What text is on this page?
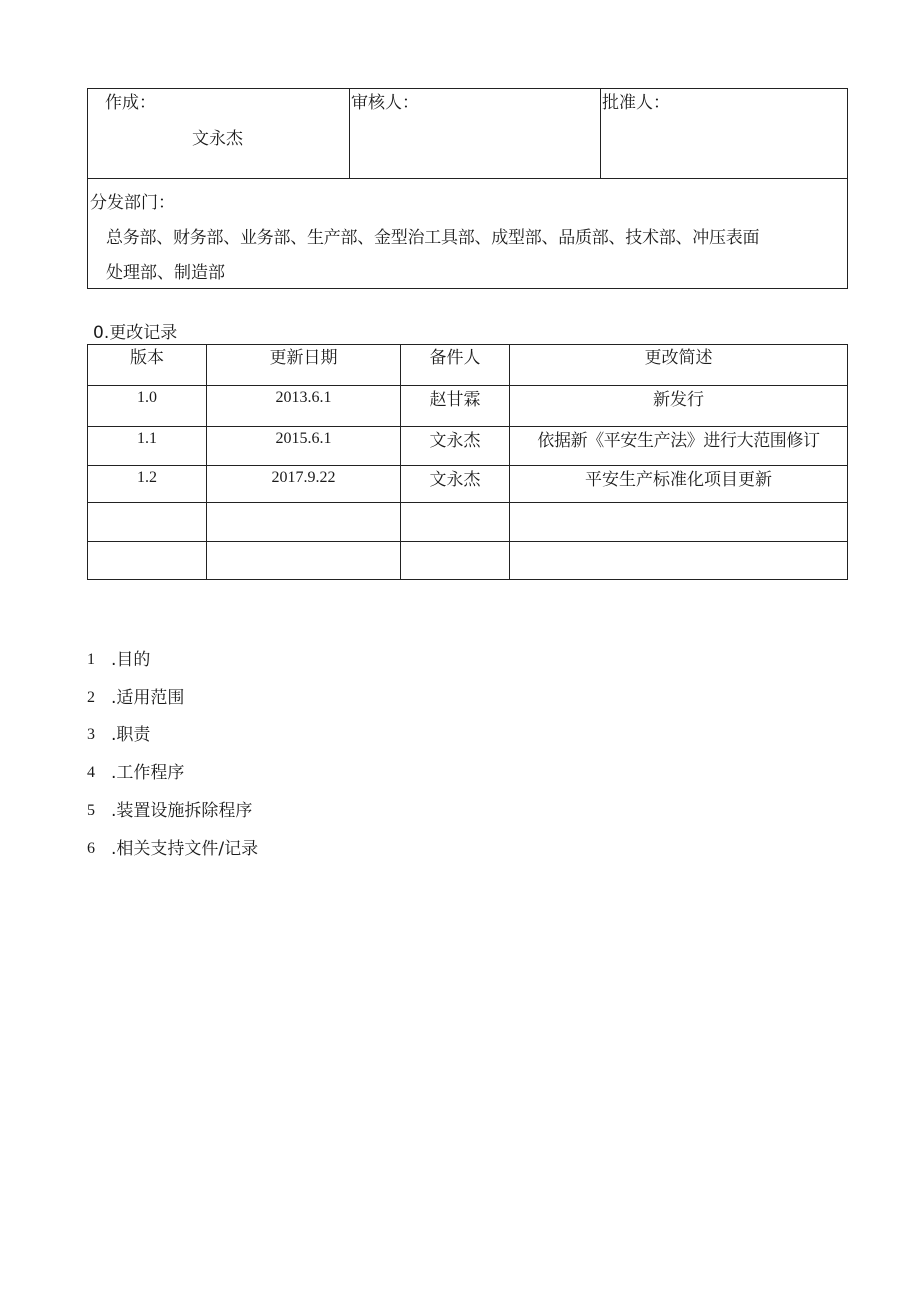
作成：
文永杰
审核人：	批准人：
分发部门：
总务部、财务部、业务部、生产部、金型治工具部、成型部、品质部、技术部、冲压表面
处理部、制造部
0.更改记录
版本	更新日期	备件人	更改简述
1.0	2013.6.1	赵甘霖	新发行
1.1	2015.6.1	文永杰	依据新《平安生产法》进行大范围修订
1.2	2017.9.22	文永杰	平安生产标准化项目更新
1 .目的
2 .适用范围
3 .职责
4 .工作程序
5 .装置设施拆除程序
6 .相关支持文件/记录
